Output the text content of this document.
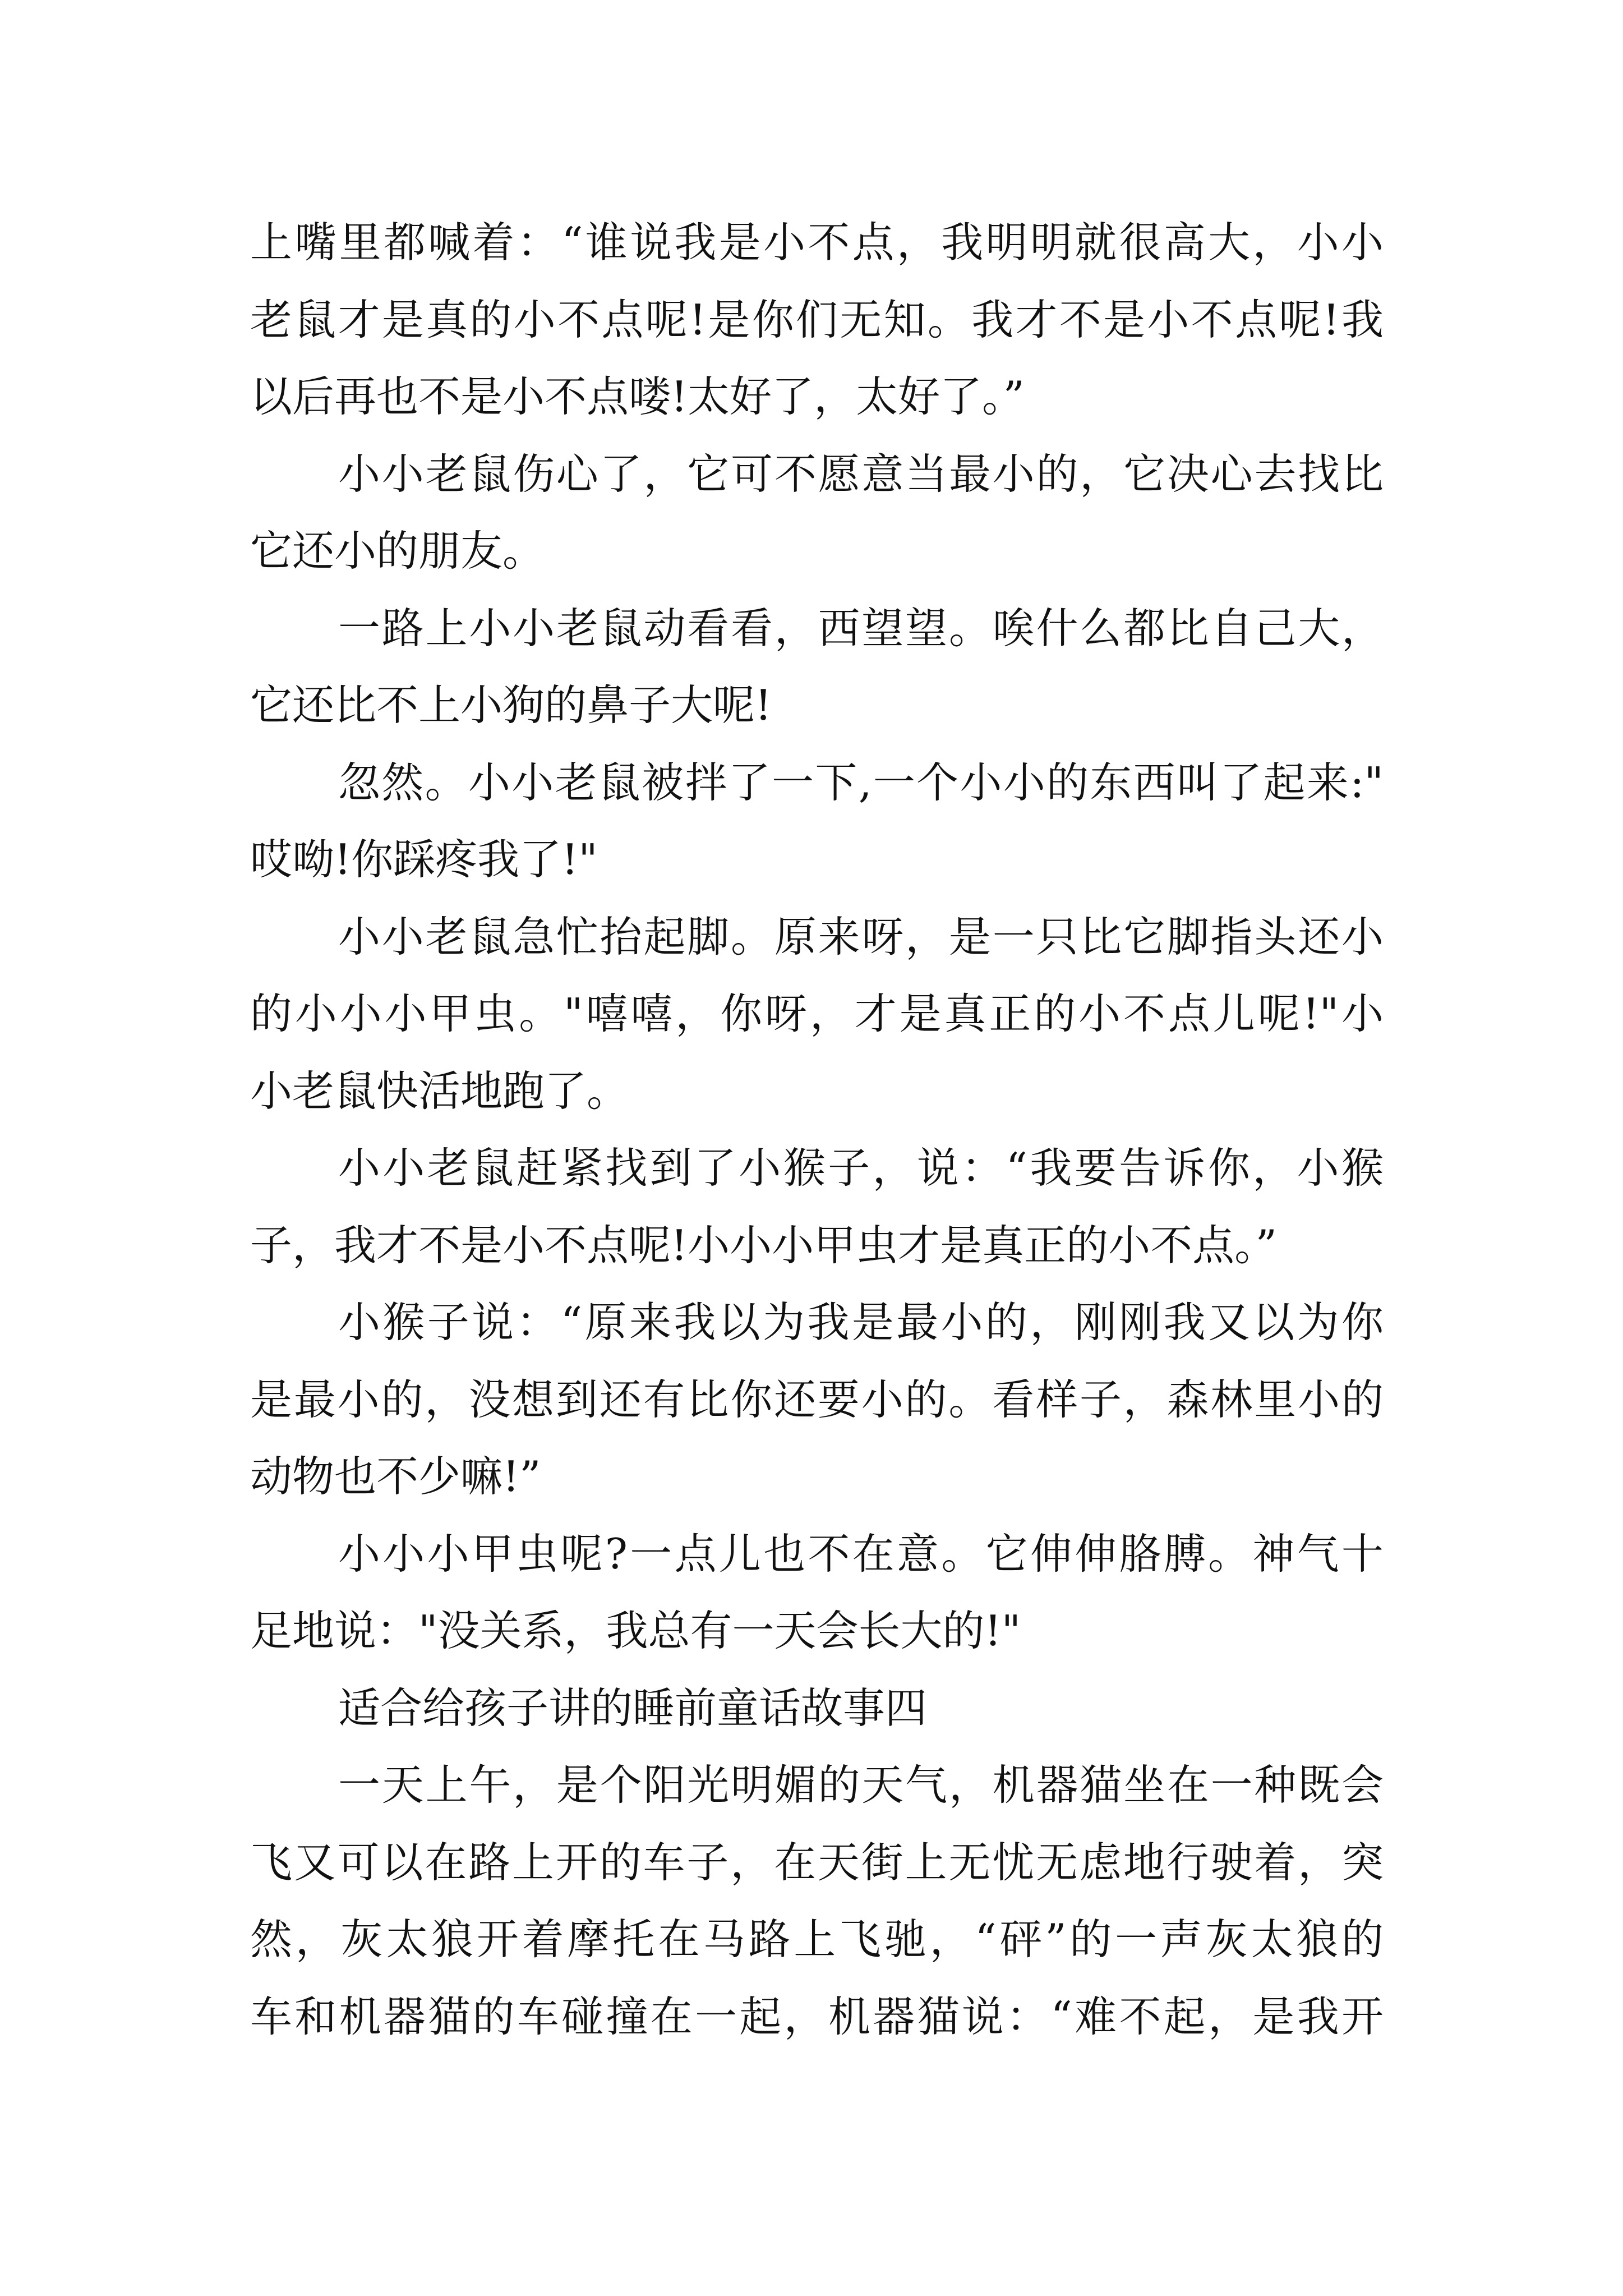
上嘴里都喊着：“谁说我是小不点，我明明就很高大，小小
老鼠才是真的小不点呢!是你们无知。我才不是小不点呢!我
以后再也不是小不点喽!太好了，太好了。”
小小老鼠伤心了，它可不愿意当最小的，它决心去找比
它还小的朋友。
一路上小小老鼠动看看，西望望。唉什么都比自己大，
它还比不上小狗的鼻子大呢!
忽然。小小老鼠被拌了一下,一个小小的东西叫了起来:"
哎呦!你踩疼我了!"
小小老鼠急忙抬起脚。原来呀，是一只比它脚指头还小
的小小小甲虫。"嘻嘻，你呀，才是真正的小不点儿呢!"小
小老鼠快活地跑了。
小小老鼠赶紧找到了小猴子，说：“我要告诉你，小猴
子，我才不是小不点呢!小小小甲虫才是真正的小不点。”
小猴子说：“原来我以为我是最小的，刚刚我又以为你
是最小的，没想到还有比你还要小的。看样子，森林里小的
动物也不少嘛!”
小小小甲虫呢?一点儿也不在意。它伸伸胳膊。神气十
足地说："没关系，我总有一天会长大的!"
适合给孩子讲的睡前童话故事四
一天上午，是个阳光明媚的天气，机器猫坐在一种既会
飞又可以在路上开的车子，在天街上无忧无虑地行驶着，突
然，灰太狼开着摩托在马路上飞驰，“砰”的一声灰太狼的
车和机器猫的车碰撞在一起，机器猫说：“难不起，是我开
